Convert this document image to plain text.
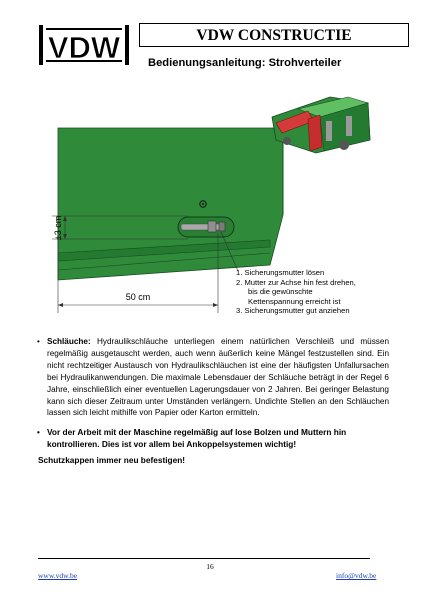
VDW	VDW CONSTRUCTIE
Bedienungsanleitung: Strohverteiler
50 cm
±3 cm
1. Sicherungsmutter lösen
2. Mutter zur Achse hin fest drehen,
bis die gewünschte
Kettenspannung erreicht ist
3. Sicherungsmutter gut anziehen
• Schläuche: Hydraulikschläuche unterliegen einem natürlichen Verschleiß und müssen regelmäßig ausgetauscht werden, auch wenn äußerlich keine Mängel festzustellen sind. Ein nicht rechtzeitiger Austausch von Hydraulikschläuchen ist eine der häufigsten Unfallursachen bei Hydraulikanwendungen. Die maximale Lebensdauer der Schläuche beträgt in der Regel 6 Jahre, einschließlich einer eventuellen Lagerungsdauer von 2 Jahren. Bei geringer Belastung kann sich dieser Zeitraum unter Umständen verlängern. Undichte Stellen an den Schläuchen lassen sich leicht mithilfe von Papier oder Karton ermitteln.
• Vor der Arbeit mit der Maschine regelmäßig auf lose Bolzen und Muttern hin kontrollieren. Dies ist vor allem bei Ankoppelsystemen wichtig!
Schutzkappen immer neu befestigen!
16
www.vdw.be	info@vdw.be
